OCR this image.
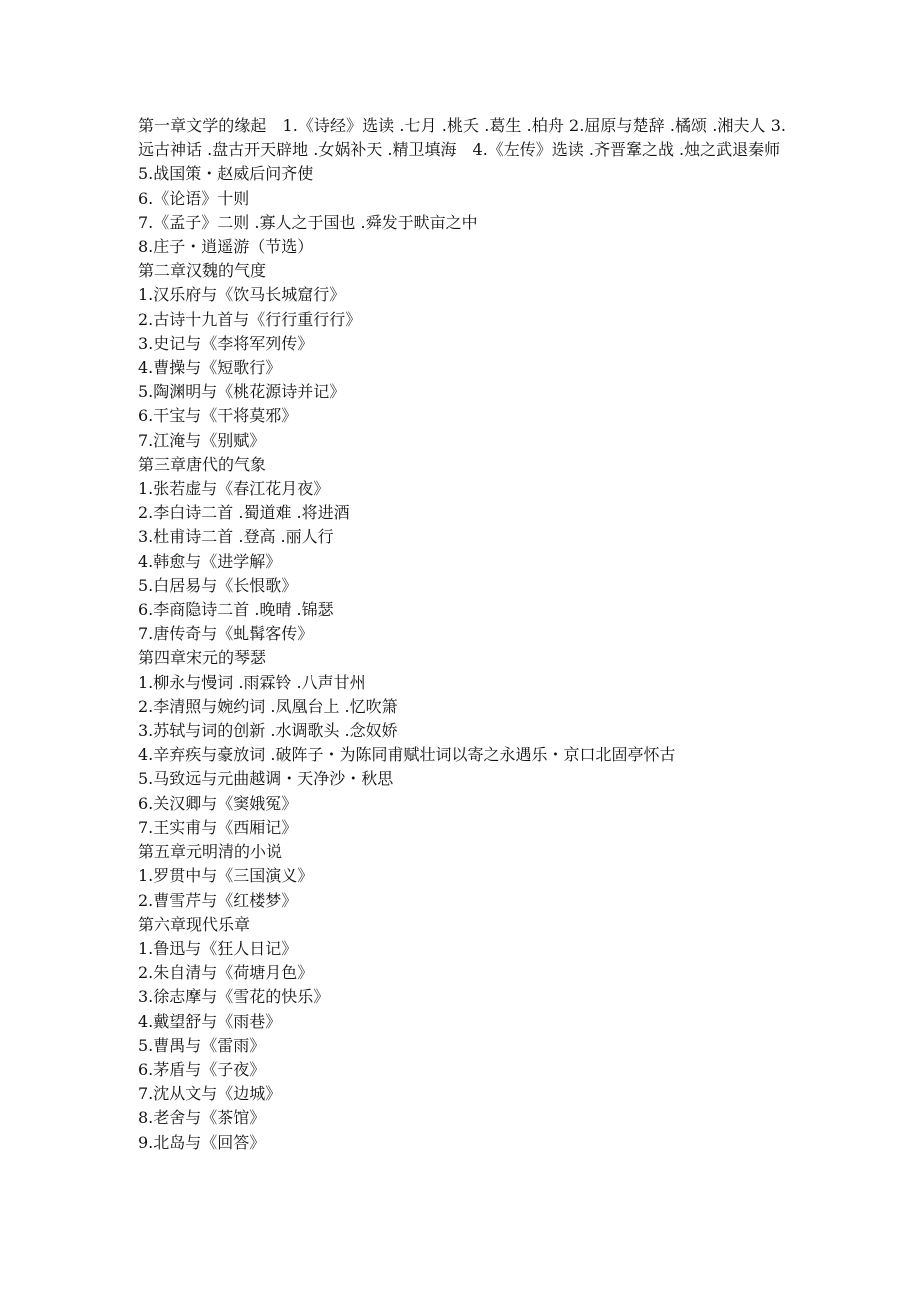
第一章文学的缘起　1.《诗经》选读 .七月 .桃夭 .葛生 .柏舟 2.屈原与楚辞 .橘颂 .湘夫人 3.远古神话 .盘古开天辟地 .女娲补天 .精卫填海　4.《左传》选读 .齐晋鞌之战 .烛之武退秦师

5.战国策・赵威后问齐使

6.《论语》十则

7.《孟子》二则 .寡人之于国也 .舜发于畎亩之中

8.庄子・逍遥游（节选）

第二章汉魏的气度

1.汉乐府与《饮马长城窟行》

2.古诗十九首与《行行重行行》

3.史记与《李将军列传》

4.曹操与《短歌行》

5.陶渊明与《桃花源诗并记》

6.干宝与《干将莫邪》

7.江淹与《别赋》

第三章唐代的气象

1.张若虚与《春江花月夜》

2.李白诗二首 .蜀道难 .将进酒

3.杜甫诗二首 .登高 .丽人行

4.韩愈与《进学解》

5.白居易与《长恨歌》

6.李商隐诗二首 .晚晴 .锦瑟

7.唐传奇与《虬髯客传》

第四章宋元的琴瑟

1.柳永与慢词 .雨霖铃 .八声甘州

2.李清照与婉约词 .凤凰台上 .忆吹箫

3.苏轼与词的创新 .水调歌头 .念奴娇

4.辛弃疾与豪放词 .破阵子・为陈同甫赋壮词以寄之永遇乐・京口北固亭怀古

5.马致远与元曲越调・天净沙・秋思

6.关汉卿与《窦娥冤》

7.王实甫与《西厢记》

第五章元明清的小说

1.罗贯中与《三国演义》

2.曹雪芹与《红楼梦》

第六章现代乐章

1.鲁迅与《狂人日记》

2.朱自清与《荷塘月色》

3.徐志摩与《雪花的快乐》

4.戴望舒与《雨巷》

5.曹禺与《雷雨》

6.茅盾与《子夜》

7.沈从文与《边城》

8.老舍与《茶馆》

9.北岛与《回答》
